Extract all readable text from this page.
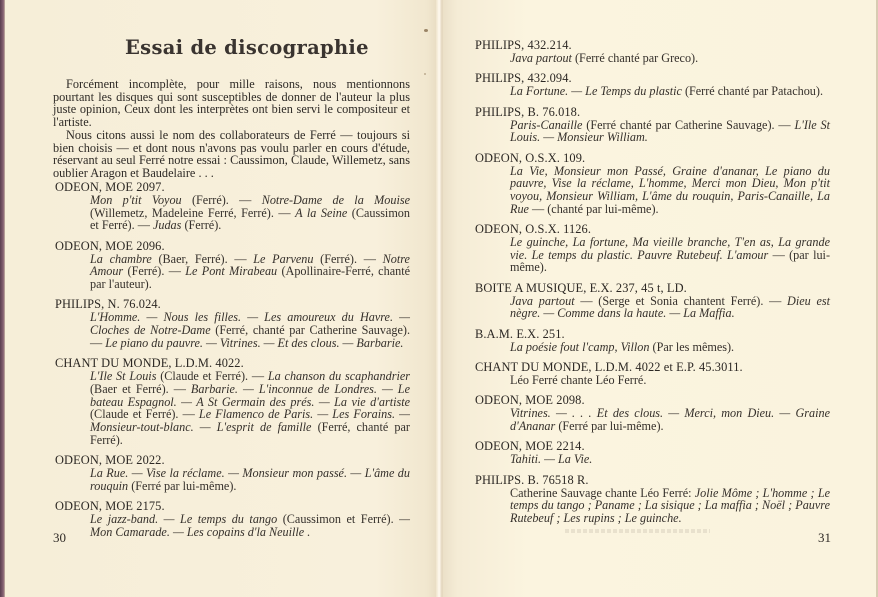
Essai de discographie

Forcément incomplète, pour mille raisons, nous mentionnons pourtant les disques qui sont susceptibles de donner de l'auteur la plus juste opinion, Ceux dont les interprètes ont bien servi le compositeur et l'artiste.

Nous citons aussi le nom des collaborateurs de Ferré — toujours si bien choisis — et dont nous n'avons pas voulu parler en cours d'étude, réservant au seul Ferré notre essai : Caussimon, Claude, Willemetz, sans oublier Aragon et Baudelaire . . .

ODEON, MOE 2097.
Mon p'tit Voyou (Ferré). — Notre-Dame de la Mouise (Willemetz, Madeleine Ferré, Ferré). — A la Seine (Caussimon et Ferré). — Judas (Ferré).
ODEON, MOE 2096.
La chambre (Baer, Ferré). — Le Parvenu (Ferré). — Notre Amour (Ferré). — Le Pont Mirabeau (Apollinaire-Ferré, chanté par l'auteur).
PHILIPS, N. 76.024.
L'Homme. — Nous les filles. — Les amoureux du Havre. — Cloches de Notre-Dame (Ferré, chanté par Catherine Sauvage). — Le piano du pauvre. — Vitrines. — Et des clous. — Barbarie.
CHANT DU MONDE, L.D.M. 4022.
L'Ile St Louis (Claude et Ferré). — La chanson du scaphandrier (Baer et Ferré). — Barbarie. — L'inconnue de Londres. — Le bateau Espagnol. — A St Germain des prés. — La vie d'artiste (Claude et Ferré). — Le Flamenco de Paris. — Les Forains. — Monsieur-tout-blanc. — L'esprit de famille (Ferré, chanté par Ferré).
ODEON, MOE 2022.
La Rue. — Vise la réclame. — Monsieur mon passé. — L'âme du rouquin (Ferré par lui-même).
ODEON, MOE 2175.
Le jazz-band. — Le temps du tango (Caussimon et Ferré). — Mon Camarade. — Les copains d'la Neuille .
PHILIPS, 432.214.
Java partout (Ferré chanté par Greco).
PHILIPS, 432.094.
La Fortune. — Le Temps du plastic (Ferré chanté par Patachou).
PHILIPS, B. 76.018.
Paris-Canaille (Ferré chanté par Catherine Sauvage). — L'Ile St Louis. — Monsieur William.
ODEON, O.S.X. 109.
La Vie, Monsieur mon Passé, Graine d'ananar, Le piano du pauvre, Vise la réclame, L'homme, Merci mon Dieu, Mon p'tit voyou, Monsieur William, L'âme du rouquin, Paris-Canaille, La Rue — (chanté par lui-même).
ODEON, O.S.X. 1126.
Le guinche, La fortune, Ma vieille branche, T'en as, La grande vie. Le temps du plastic. Pauvre Rutebeuf. L'amour — (par lui-même).
BOITE A MUSIQUE, E.X. 237, 45 t, LD.
Java partout — (Serge et Sonia chantent Ferré). — Dieu est nègre. — Comme dans la haute. — La Maffia.
B.A.M. E.X. 251.
La poésie fout l'camp, Villon (Par les mêmes).
CHANT DU MONDE, L.D.M. 4022 et E.P. 45.3011.
Léo Ferré chante Léo Ferré.
ODEON, MOE 2098.
Vitrines. — . . . Et des clous. — Merci, mon Dieu. — Graine d'Ananar (Ferré par lui-même).
ODEON, MOE 2214.
Tahiti. — La Vie.
PHILIPS. B. 76518 R.
Catherine Sauvage chante Léo Ferré: Jolie Môme ; L'homme ; Le temps du tango ; Paname ; La sisique ; La maffia ; Noël ; Pauvre Rutebeuf ; Les rupins ; Le guinche.
30	31
